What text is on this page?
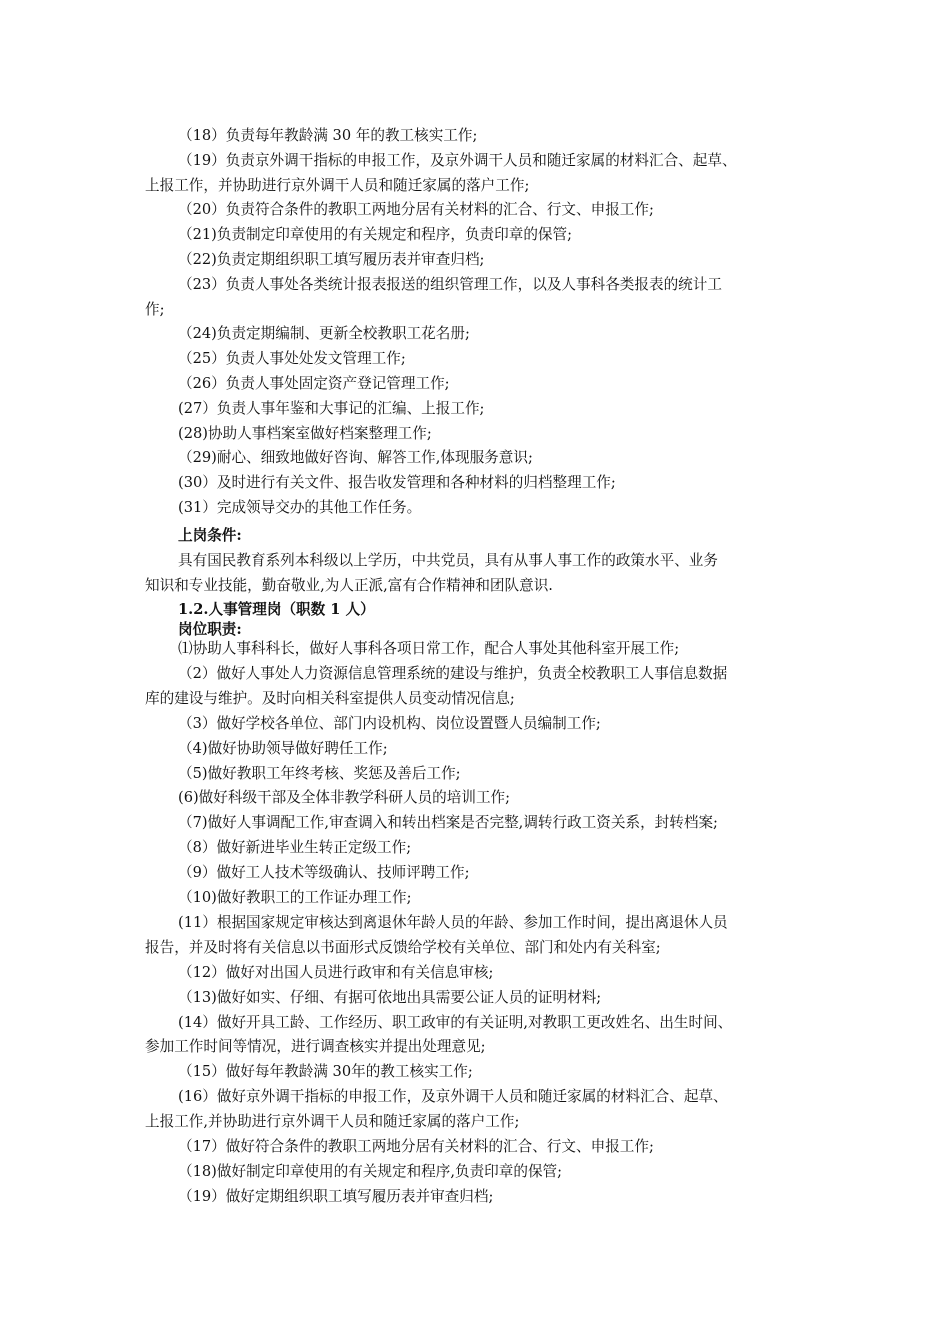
（18）负责每年教龄满 30 年的教工核实工作;
（19）负责京外调干指标的申报工作，及京外调干人员和随迁家属的材料汇合、起草、
上报工作，并协助进行京外调干人员和随迁家属的落户工作;
（20）负责符合条件的教职工两地分居有关材料的汇合、行文、申报工作;
（21)负责制定印章使用的有关规定和程序，负责印章的保管;
（22)负责定期组织职工填写履历表并审查归档;
（23）负责人事处各类统计报表报送的组织管理工作，以及人事科各类报表的统计工
作;
（24)负责定期编制、更新全校教职工花名册;
（25）负责人事处处发文管理工作;
（26）负责人事处固定资产登记管理工作;
(27）负责人事年鉴和大事记的汇编、上报工作;
(28)协助人事档案室做好档案整理工作;
（29)耐心、细致地做好咨询、解答工作,体现服务意识;
(30）及时进行有关文件、报告收发管理和各种材料的归档整理工作;
(31）完成领导交办的其他工作任务。
上岗条件:
具有国民教育系列本科级以上学历，中共党员，具有从事人事工作的政策水平、业务
知识和专业技能，勤奋敬业,为人正派,富有合作精神和团队意识.
1.2.人事管理岗（职数 1 人）
岗位职责:
⑴协助人事科科长，做好人事科各项日常工作，配合人事处其他科室开展工作;
（2）做好人事处人力资源信息管理系统的建设与维护，负责全校教职工人事信息数据
库的建设与维护。及时向相关科室提供人员变动情况信息;
（3）做好学校各单位、部门内设机构、岗位设置暨人员编制工作;
（4)做好协助领导做好聘任工作;
（5)做好教职工年终考核、奖惩及善后工作;
(6)做好科级干部及全体非教学科研人员的培训工作;
（7)做好人事调配工作,审查调入和转出档案是否完整,调转行政工资关系，封转档案;
（8）做好新进毕业生转正定级工作;
（9）做好工人技术等级确认、技师评聘工作;
（10)做好教职工的工作证办理工作;
(11）根据国家规定审核达到离退休年龄人员的年龄、参加工作时间，提出离退休人员
报告，并及时将有关信息以书面形式反馈给学校有关单位、部门和处内有关科室;
（12）做好对出国人员进行政审和有关信息审核;
（13)做好如实、仔细、有据可依地出具需要公证人员的证明材料;
(14）做好开具工龄、工作经历、职工政审的有关证明,对教职工更改姓名、出生时间、
参加工作时间等情况，进行调查核实并提出处理意见;
（15）做好每年教龄满 30年的教工核实工作;
(16）做好京外调干指标的申报工作，及京外调干人员和随迁家属的材料汇合、起草、
上报工作,并协助进行京外调干人员和随迁家属的落户工作;
（17）做好符合条件的教职工两地分居有关材料的汇合、行文、申报工作;
（18)做好制定印章使用的有关规定和程序,负责印章的保管;
（19）做好定期组织职工填写履历表并审查归档;
